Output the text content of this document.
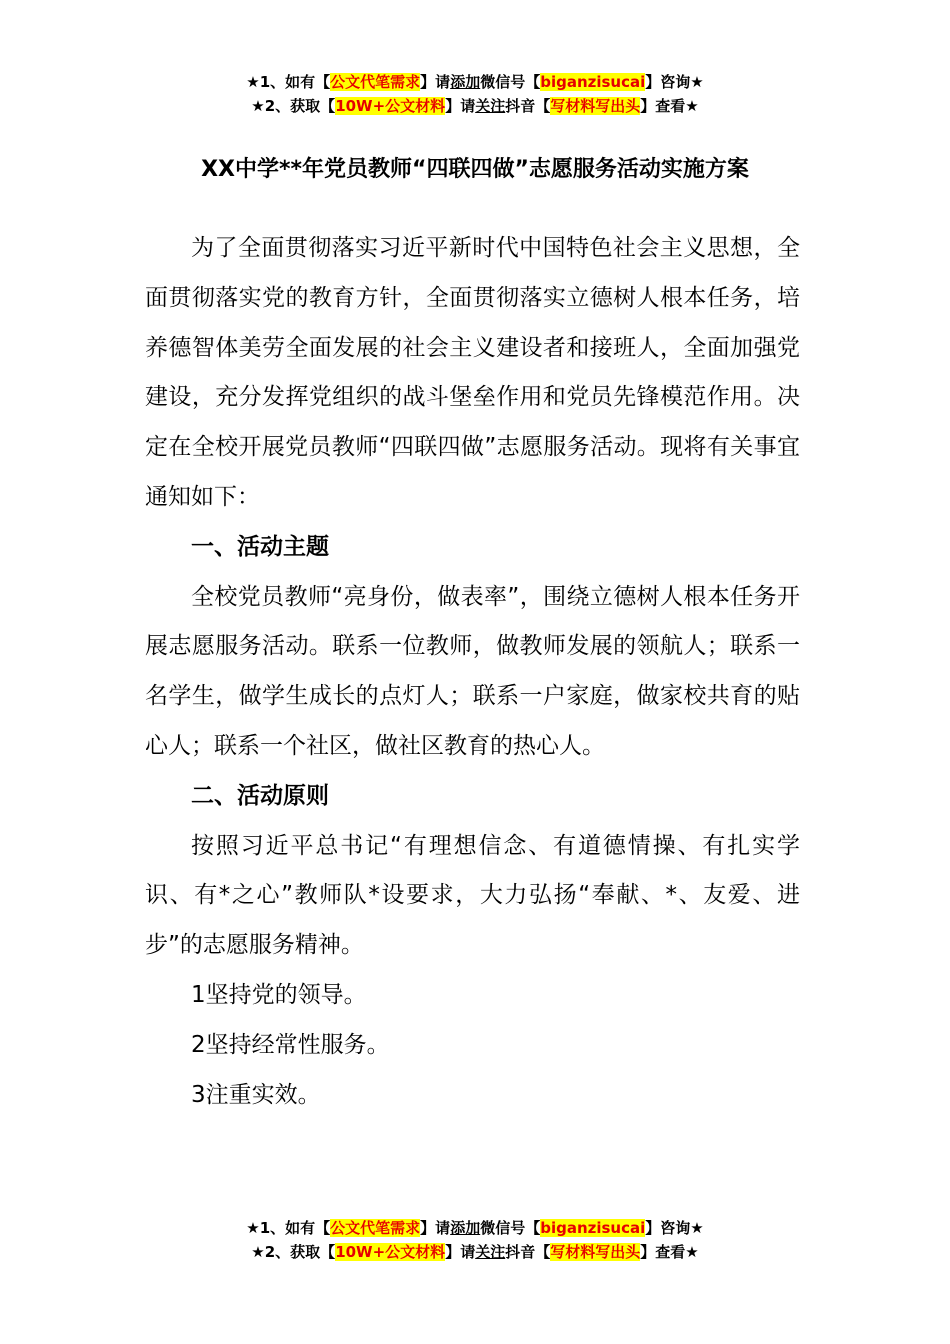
★1、如有【公文代笔需求】请添加微信号【biganzisucai】咨询★
★2、获取【10W+公文材料】请关注抖音【写材料写出头】查看★
XX中学**年党员教师“四联四做”志愿服务活动实施方案

为了全面贯彻落实习近平新时代中国特色社会主义思想，全面贯彻落实党的教育方针，全面贯彻落实立德树人根本任务，培养德智体美劳全面发展的社会主义建设者和接班人，全面加强党建设，充分发挥党组织的战斗堡垒作用和党员先锋模范作用。决定在全校开展党员教师“四联四做”志愿服务活动。现将有关事宜通知如下：

一、活动主题

全校党员教师“亮身份，做表率”，围绕立德树人根本任务开展志愿服务活动。联系一位教师，做教师发展的领航人；联系一名学生，做学生成长的点灯人；联系一户家庭，做家校共育的贴心人；联系一个社区，做社区教育的热心人。

二、活动原则

按照习近平总书记“有理想信念、有道德情操、有扎实学识、有*之心”教师队*设要求，大力弘扬“奉献、*、友爱、进步”的志愿服务精神。

1坚持党的领导。

2坚持经常性服务。

3注重实效。

★1、如有【公文代笔需求】请添加微信号【biganzisucai】咨询★
★2、获取【10W+公文材料】请关注抖音【写材料写出头】查看★
